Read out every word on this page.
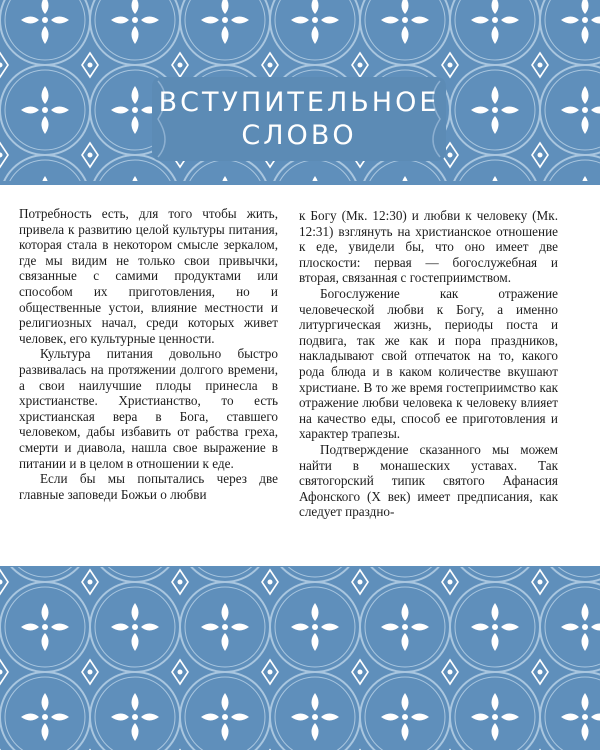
ВСТУПИТЕЛЬНОЕ
СЛОВО

Потребность есть, для того чтобы жить, привела к развитию целой культуры питания, которая стала в некотором смысле зеркалом, где мы видим не только свои привычки, связанные с самими продуктами или способом их приготовления, но и общественные устои, влияние местности и религиозных начал, среди которых живет человек, его культурные ценности.

Культура питания довольно быстро развивалась на протяжении долгого времени, а свои наилучшие плоды принесла в христианстве. Христианство, то есть христианская вера в Бога, ставшего человеком, дабы избавить от рабства греха, смерти и диавола, нашла свое выражение в питании и в целом в отношении к еде.

Если бы мы попытались через две главные заповеди Божьи о любви

к Богу (Мк. 12:30) и любви к человеку (Мк. 12:31) взглянуть на христианское отношение к еде, увидели бы, что оно имеет две плоскости: первая — богослужебная и вторая, связанная с гостеприимством.

Богослужение как отражение человеческой любви к Богу, а именно литургическая жизнь, периоды поста и подвига, так же как и пора праздников, накладывают свой отпечаток на то, какого рода блюда и в каком количестве вкушают христиане. В то же время гостеприимство как отражение любви человека к человеку влияет на качество еды, способ ее приготовления и характер трапезы.

Подтверждение сказанного мы можем найти в монашеских уставах. Так святогорский типик святого Афанасия Афонского (X век) имеет предписания, как следует праздно-
